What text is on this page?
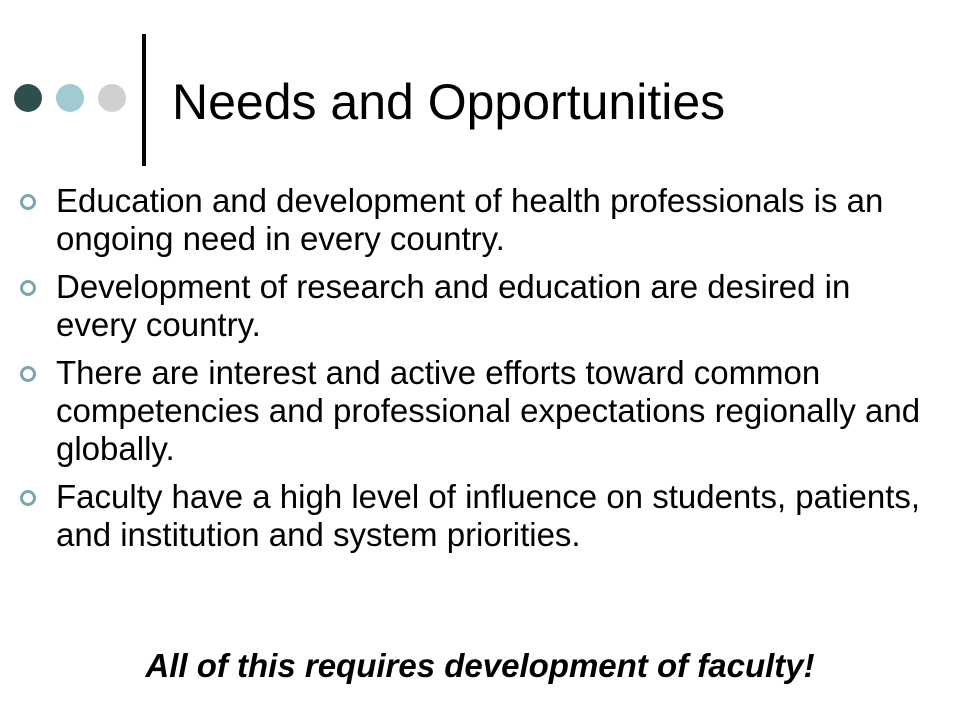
Needs and Opportunities
Education and development of health professionals is an ongoing need in every country.
Development of research and education are desired in every country.
There are interest and active efforts toward common competencies and professional expectations regionally and globally.
Faculty have a high level of influence on students, patients, and institution and system priorities.
All of this requires development of faculty!
